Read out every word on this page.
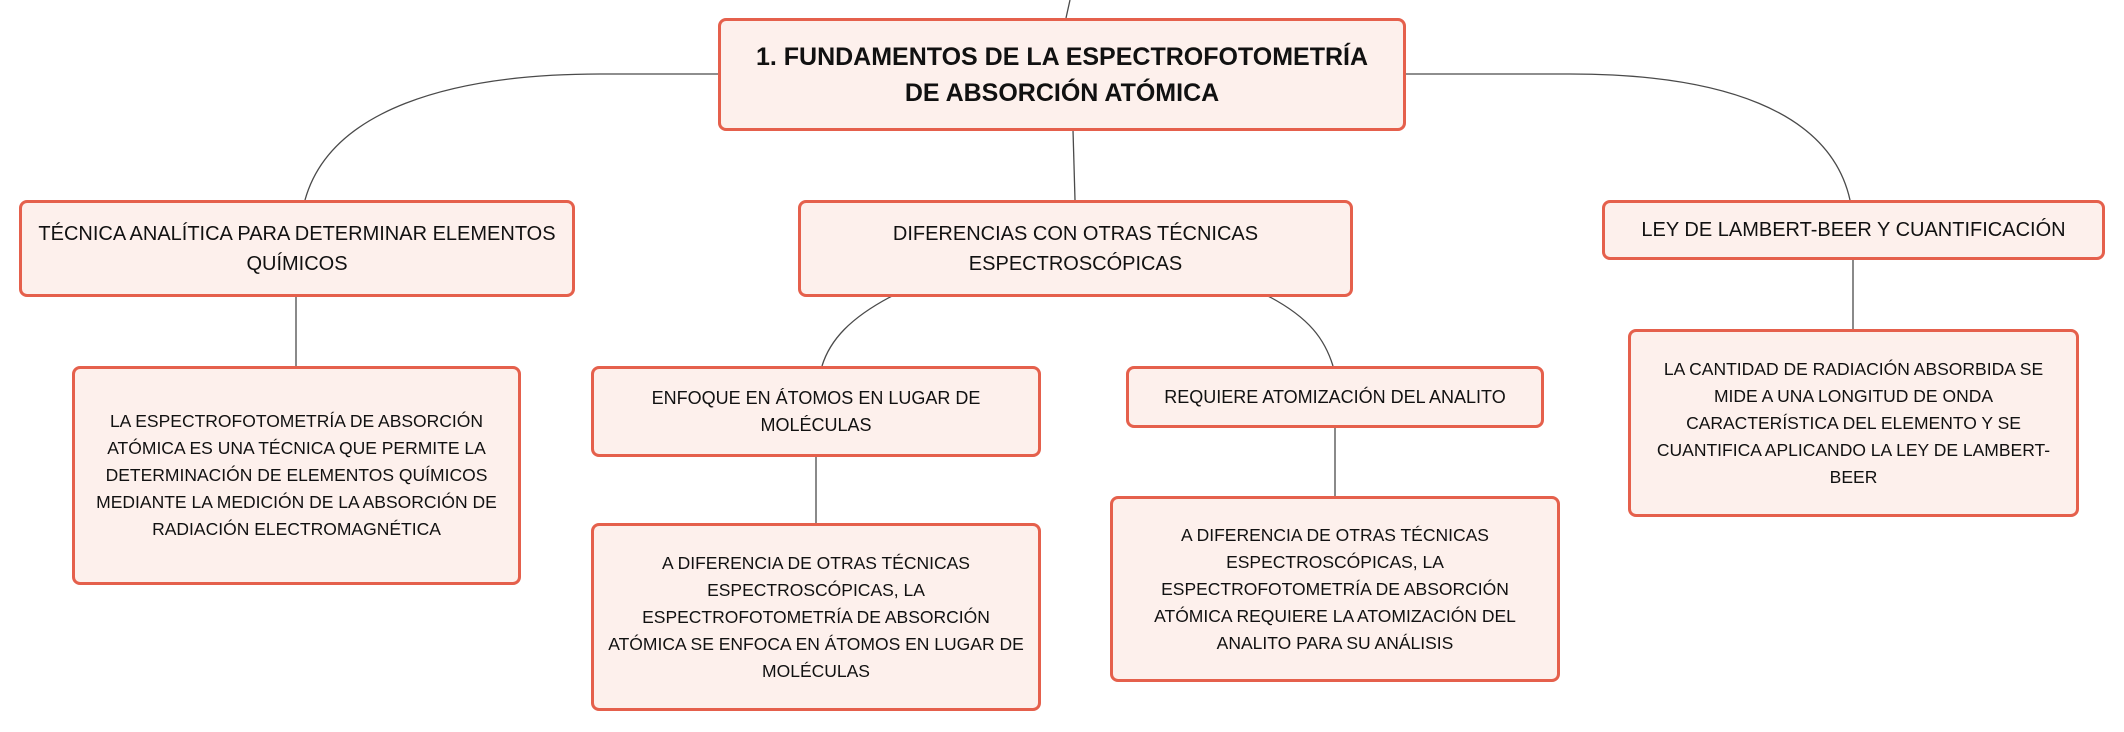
1. FUNDAMENTOS DE LA ESPECTROFOTOMETRÍA DE ABSORCIÓN ATÓMICA
TÉCNICA ANALÍTICA PARA DETERMINAR ELEMENTOS QUÍMICOS
DIFERENCIAS CON OTRAS TÉCNICAS ESPECTROSCÓPICAS
LEY DE LAMBERT-BEER Y CUANTIFICACIÓN
LA ESPECTROFOTOMETRÍA DE ABSORCIÓN ATÓMICA ES UNA TÉCNICA QUE PERMITE LA DETERMINACIÓN DE ELEMENTOS QUÍMICOS MEDIANTE LA MEDICIÓN DE LA ABSORCIÓN DE RADIACIÓN ELECTROMAGNÉTICA
ENFOQUE EN ÁTOMOS EN LUGAR DE MOLÉCULAS
REQUIERE ATOMIZACIÓN DEL ANALITO
A DIFERENCIA DE OTRAS TÉCNICAS ESPECTROSCÓPICAS, LA ESPECTROFOTOMETRÍA DE ABSORCIÓN ATÓMICA SE ENFOCA EN ÁTOMOS EN LUGAR DE MOLÉCULAS
A DIFERENCIA DE OTRAS TÉCNICAS ESPECTROSCÓPICAS, LA ESPECTROFOTOMETRÍA DE ABSORCIÓN ATÓMICA REQUIERE LA ATOMIZACIÓN DEL ANALITO PARA SU ANÁLISIS
LA CANTIDAD DE RADIACIÓN ABSORBIDA SE MIDE A UNA LONGITUD DE ONDA CARACTERÍSTICA DEL ELEMENTO Y SE CUANTIFICA APLICANDO LA LEY DE LAMBERT-BEER
